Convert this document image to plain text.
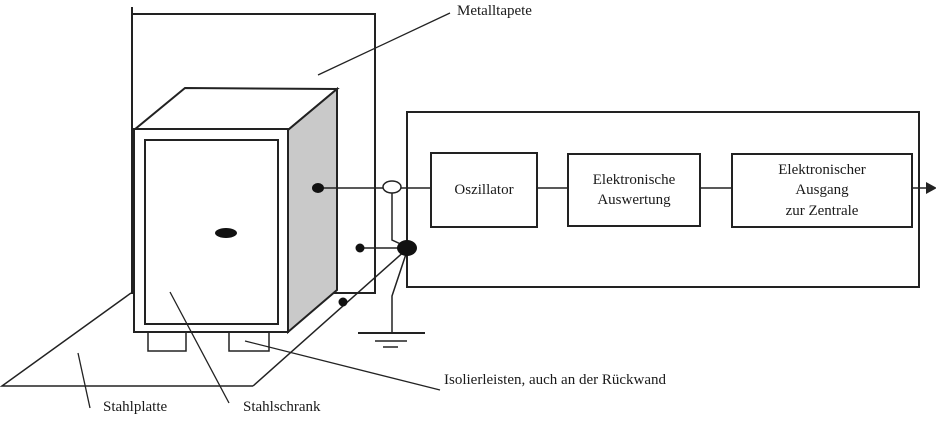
Oszillator
Elektronische
Auswertung
Elektronischer
Ausgang
zur Zentrale
Metalltapete
Stahlplatte	Stahlschrank
Isolierleisten, auch an der Rückwand
